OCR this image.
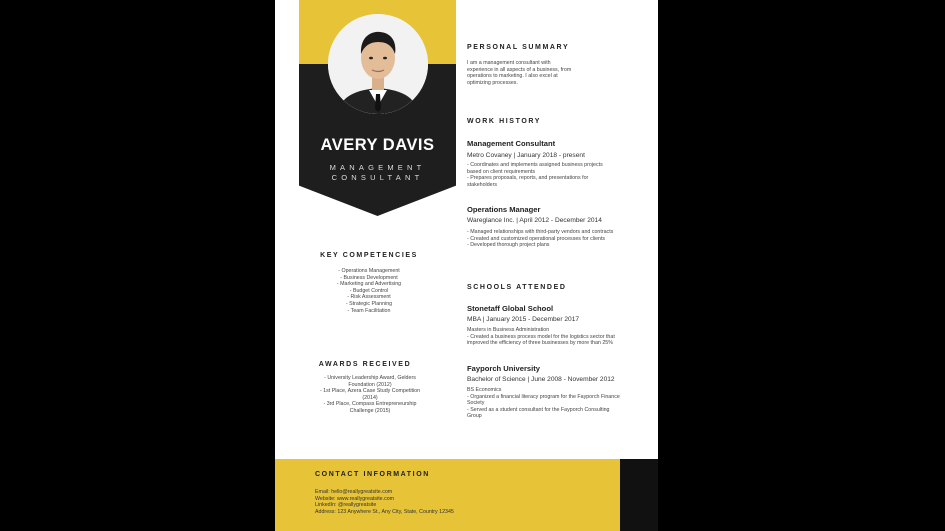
AVERY DAVIS
MANAGEMENT
CONSULTANT
PERSONAL SUMMARY
I am a management consultant with
experience in all aspects of a business, from
operations to marketing. I also excel at
optimizing processes.
WORK HISTORY
Management Consultant
Metro Covaney | January 2018 - present
- Coordinates and implements assigned business projects
based on client requirements
- Prepares proposals, reports, and presentations for
stakeholders
Operations Manager
Wareglance Inc. | April 2012 - December 2014
- Managed relationships with third-party vendors and contracts
- Created and customized operational processes for clients
- Developed thorough project plans
SCHOOLS ATTENDED
Stonetaff Global School
MBA | January 2015 - December 2017
Masters in Business Administration
- Created a business process model for the logistics sector that
improved the efficiency of three businesses by more than 25%
Fayporch University
Bachelor of Science | June 2008 - November 2012
BS Economics
- Organized a financial literacy program for the Fayporch Finance
Society
- Served as a student consultant for the Fayporch Consulting
Group
KEY COMPETENCIES
- Operations Management
- Business Development
- Marketing and Advertising
- Budget Control
- Risk Assessment
- Strategic Planning
- Team Facilitation
AWARDS RECEIVED
- University Leadership Award, Gelders
Foundation (2012)
- 1st Place, Azera Case Study Competition
(2014)
- 3rd Place, Compass Entrepreneurship
Challenge (2015)
CONTACT INFORMATION
Email: hello@reallygreatsite.com
Website: www.reallygreatsite.com
LinkedIn: @reallygreatsite
Address: 123 Anywhere St., Any City, State, Country 12345
